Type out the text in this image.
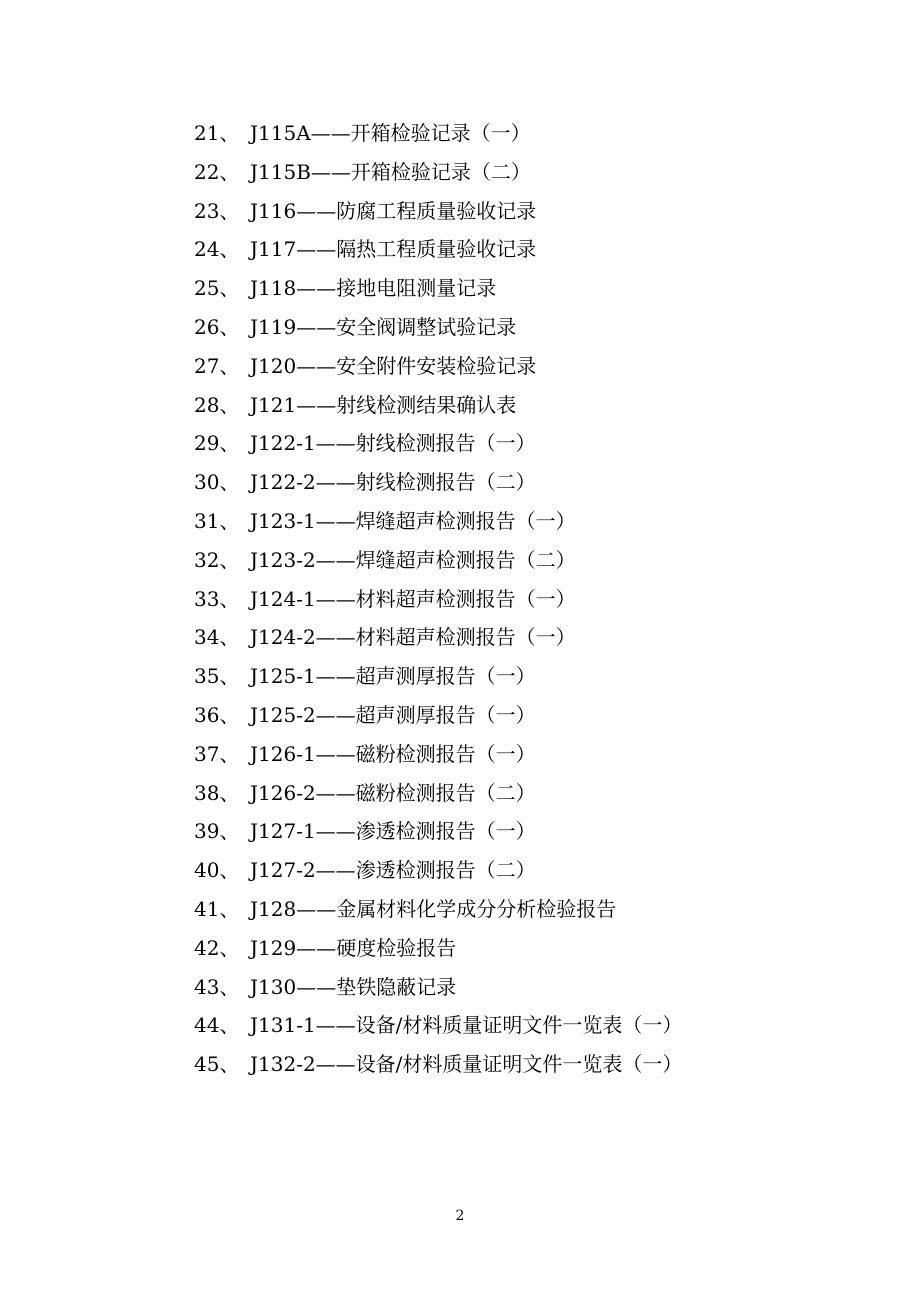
21、 J115A——开箱检验记录（一）
22、 J115B——开箱检验记录（二）
23、 J116——防腐工程质量验收记录
24、 J117——隔热工程质量验收记录
25、 J118——接地电阻测量记录
26、 J119——安全阀调整试验记录
27、 J120——安全附件安装检验记录
28、 J121——射线检测结果确认表
29、 J122-1——射线检测报告（一）
30、 J122-2——射线检测报告（二）
31、 J123-1——焊缝超声检测报告（一）
32、 J123-2——焊缝超声检测报告（二）
33、 J124-1——材料超声检测报告（一）
34、 J124-2——材料超声检测报告（一）
35、 J125-1——超声测厚报告（一）
36、 J125-2——超声测厚报告（一）
37、 J126-1——磁粉检测报告（一）
38、 J126-2——磁粉检测报告（二）
39、 J127-1——渗透检测报告（一）
40、 J127-2——渗透检测报告（二）
41、 J128——金属材料化学成分分析检验报告
42、 J129——硬度检验报告
43、 J130——垫铁隐蔽记录
44、 J131-1——设备/材料质量证明文件一览表（一）
45、 J132-2——设备/材料质量证明文件一览表（一）
2
